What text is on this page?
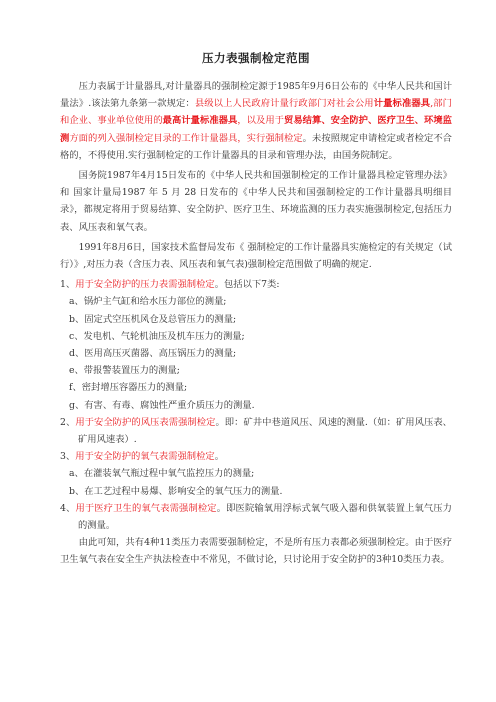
压力表强制检定范围

压力表属于计量器具,对计量器具的强制检定源于1985年9月6日公布的《中华人民共和国计量法》.该法第九条第一款规定：县级以上人民政府计量行政部门对社会公用计量标准器具,部门和企业、事业单位使用的最高计量标准器具，以及用于贸易结算、安全防护、医疗卫生、环境监测方面的列入强制检定目录的工作计量器具，实行强制检定。未按照规定申请检定或者检定不合格的，不得使用.实行强制检定的工作计量器具的目录和管理办法，由国务院制定。

国务院1987年4月15日发布的《中华人民共和国强制检定的工作计量器具检定管理办法》和 国家计量局1987 年 5 月 28 日发布的《中华人民共和国强制检定的工作计量器具明细目录》，都规定将用于贸易结算、安全防护、医疗卫生、环境监测的压力表实施强制检定,包括压力表、风压表和氧气表。

1991年8月6日，国家技术监督局发布《 强制检定的工作计量器具实施检定的有关规定（试行）》,对压力表（含压力表、风压表和氧气表)强制检定范围做了明确的规定.

1、用于安全防护的压力表需强制检定。包括以下7类:

a、锅炉主气缸和给水压力部位的测量;

b、固定式空压机风仓及总管压力的测量;

c、发电机、气轮机油压及机车压力的测量;

d、医用高压灭菌器、高压锅压力的测量;

e、带报警装置压力的测量;

f、密封增压容器压力的测量;

g、有害、有毒、腐蚀性严重介质压力的测量.

2、用于安全防护的风压表需强制检定。即：矿井中巷道风压、风速的测量.（如：矿用风压表、矿用风速表）.

3、用于安全防护的氧气表需强制检定。

a、在灌装氧气瓶过程中氧气监控压力的测量;

b、在工艺过程中易爆、影响安全的氧气压力的测量.

4、用于医疗卫生的氧气表需强制检定。即医院输氧用浮标式氧气吸入器和供氧装置上氧气压力的测量。

由此可知，共有4种11类压力表需要强制检定，不是所有压力表都必须强制检定。由于医疗卫生氧气表在安全生产执法检查中不常见，不做讨论，只讨论用于安全防护的3种10类压力表。
